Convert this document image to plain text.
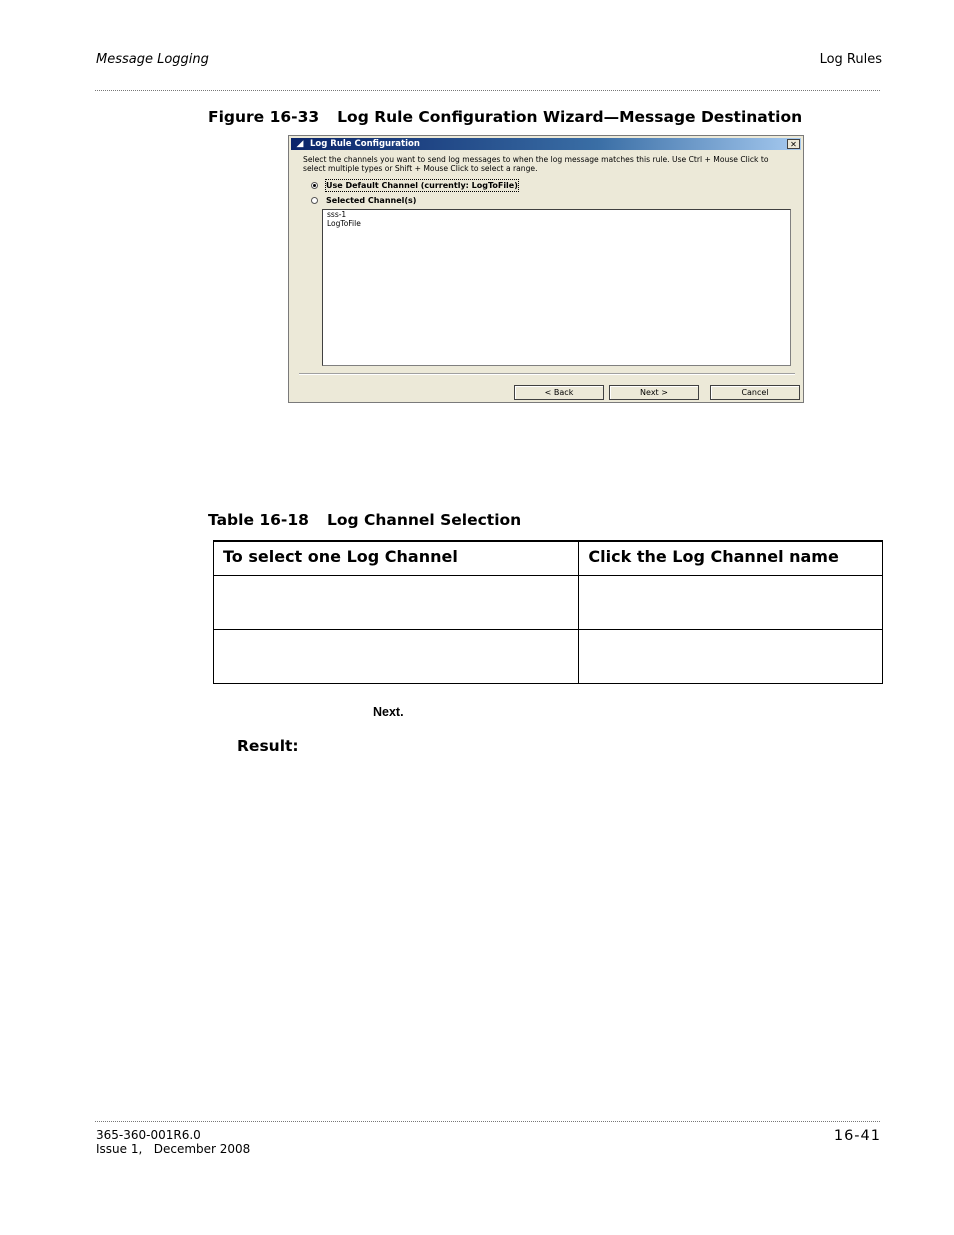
Message Logging	Log Rules
Figure 16-33 Log Rule Configuration Wizard—Message Destination
◢ Log Rule Configuration	✕
Select the channels you want to send log messages to when the log message matches this rule. Use Ctrl + Mouse Click to select multiple types or Shift + Mouse Click to select a range.
Use Default Channel (currently: LogToFile)
Selected Channel(s)
sss-1
LogToFile
< Back	Next >	Cancel
Table 16-18 Log Channel Selection
To select one Log Channel	Click the Log Channel name

Next.
Result:
365-360-001R6.0
Issue 1,   December 2008
16-41
